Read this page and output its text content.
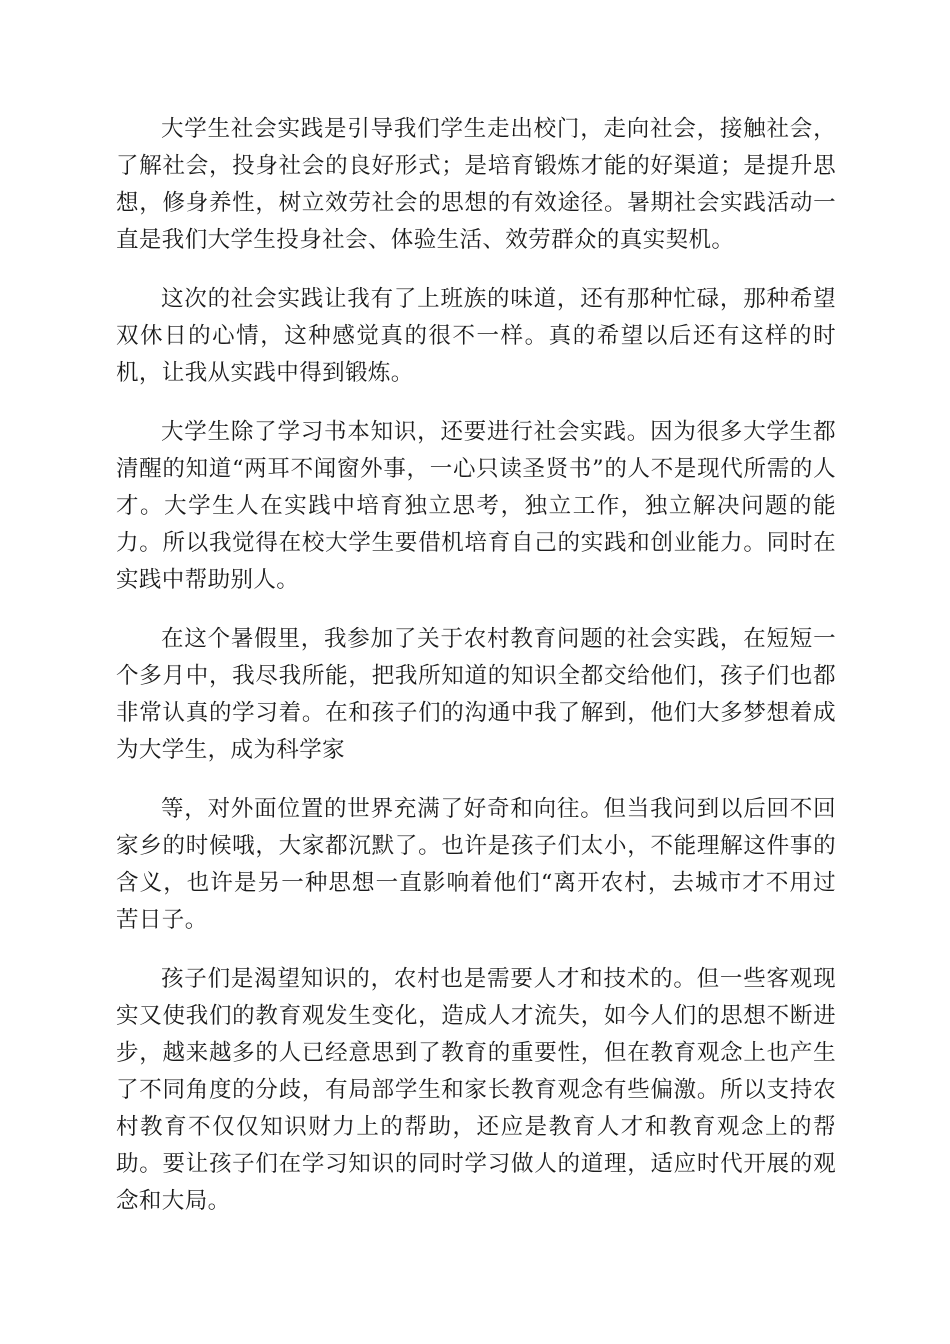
大学生社会实践是引导我们学生走出校门，走向社会，接触社会，了解社会，投身社会的良好形式；是培育锻炼才能的好渠道；是提升思想，修身养性，树立效劳社会的思想的有效途径。暑期社会实践活动一直是我们大学生投身社会、体验生活、效劳群众的真实契机。

这次的社会实践让我有了上班族的味道，还有那种忙碌，那种希望双休日的心情，这种感觉真的很不一样。真的希望以后还有这样的时机，让我从实践中得到锻炼。

大学生除了学习书本知识，还要进行社会实践。因为很多大学生都清醒的知道“两耳不闻窗外事，一心只读圣贤书”的人不是现代所需的人才。大学生人在实践中培育独立思考，独立工作，独立解决问题的能力。所以我觉得在校大学生要借机培育自己的实践和创业能力。同时在实践中帮助别人。

在这个暑假里，我参加了关于农村教育问题的社会实践，在短短一个多月中，我尽我所能，把我所知道的知识全都交给他们，孩子们也都非常认真的学习着。在和孩子们的沟通中我了解到，他们大多梦想着成为大学生，成为科学家

等，对外面位置的世界充满了好奇和向往。但当我问到以后回不回家乡的时候哦，大家都沉默了。也许是孩子们太小，不能理解这件事的含义，也许是另一种思想一直影响着他们“离开农村，去城市才不用过苦日子。

孩子们是渴望知识的，农村也是需要人才和技术的。但一些客观现实又使我们的教育观发生变化，造成人才流失，如今人们的思想不断进步，越来越多的人已经意思到了教育的重要性，但在教育观念上也产生了不同角度的分歧，有局部学生和家长教育观念有些偏激。所以支持农村教育不仅仅知识财力上的帮助，还应是教育人才和教育观念上的帮助。要让孩子们在学习知识的同时学习做人的道理，适应时代开展的观念和大局。
